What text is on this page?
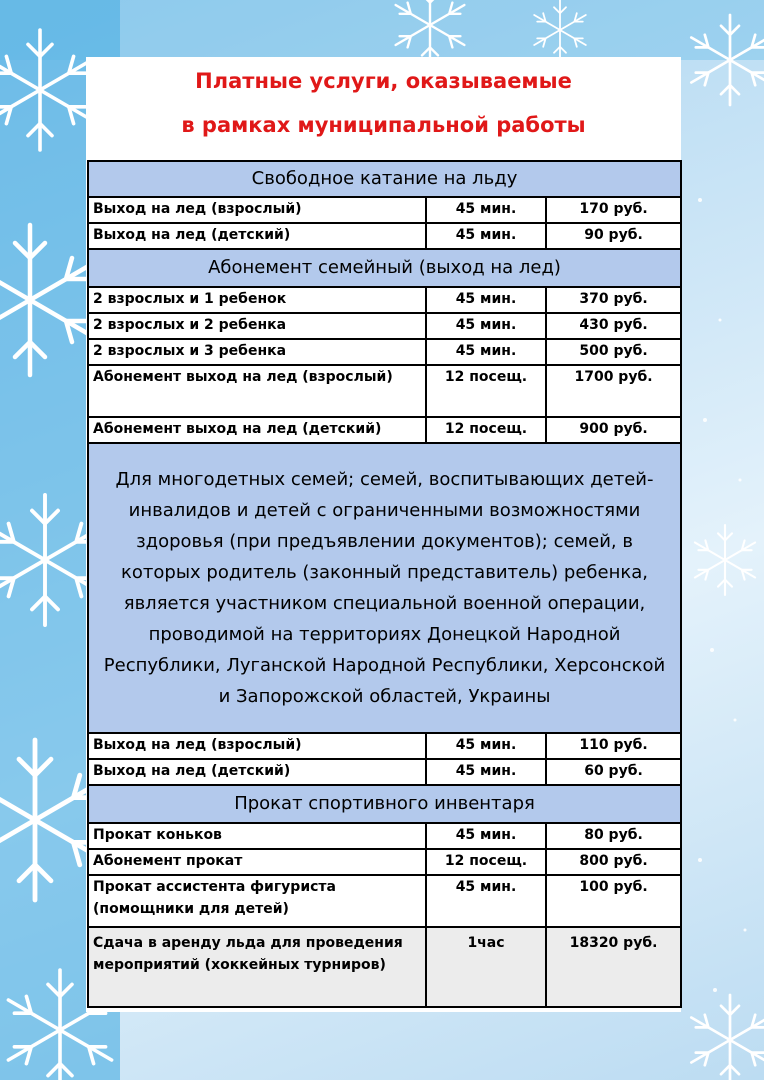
Платные услуги, оказываемые
в рамках муниципальной работы
Свободное катание на льду		
Выход на лед (взрослый)	45 мин.	170 руб.
Выход на лед (детский)	45 мин.	90 руб.
Абонемент семейный (выход на лед)		
2 взрослых и 1 ребенок	45 мин.	370 руб.
2 взрослых и 2 ребенка	45 мин.	430 руб.
2 взрослых и 3 ребенка	45 мин.	500 руб.
Абонемент выход на лед (взрослый)	12 посещ.	1700 руб.
Абонемент выход на лед (детский)	12 посещ.	900 руб.
Для многодетных семей; семей, воспитывающих детей-инвалидов и детей с ограниченными возможностями здоровья (при предъявлении документов); семей, в которых родитель (законный представитель) ребенка, является участником специальной военной операции, проводимой на территориях Донецкой Народной Республики, Луганской Народной Республики, Херсонской и Запорожской областей, Украины		
Выход на лед (взрослый)	45 мин.	110 руб.
Выход на лед (детский)	45 мин.	60 руб.
Прокат спортивного инвентаря		
Прокат коньков	45 мин.	80 руб.
Абонемент прокат	12 посещ.	800 руб.
Прокат ассистента фигуриста (помощники для детей)	45 мин.	100 руб.
Сдача в аренду льда для проведения мероприятий (хоккейных турниров)	1час	18320 руб.
